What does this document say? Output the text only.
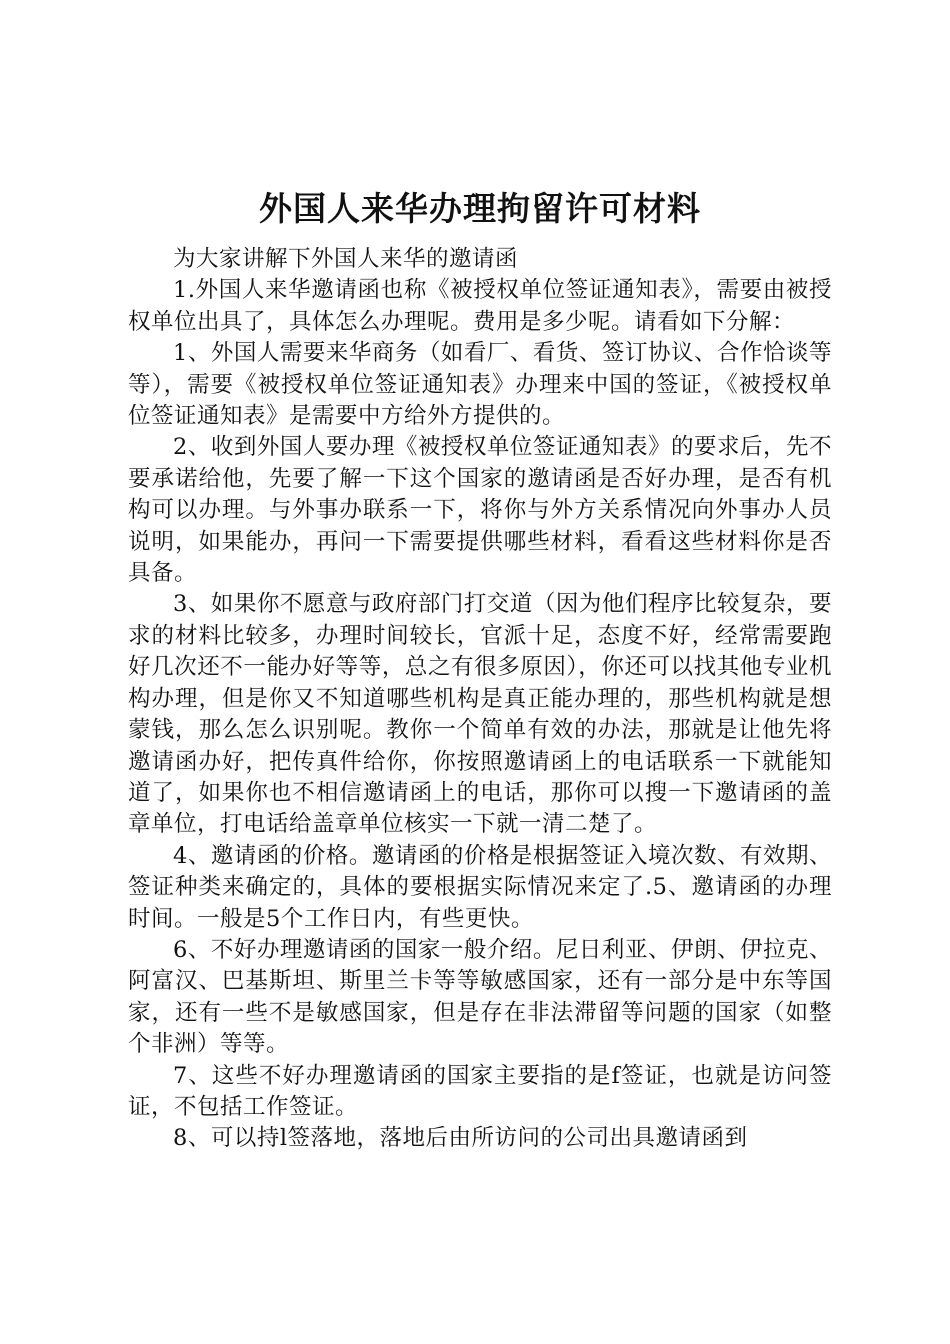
外国人来华办理拘留许可材料

为大家讲解下外国人来华的邀请函

1.外国人来华邀请函也称《被授权单位签证通知表》，需要由被授权单位出具了，具体怎么办理呢。费用是多少呢。请看如下分解：

1、外国人需要来华商务（如看厂、看货、签订协议、合作恰谈等等），需要《被授权单位签证通知表》办理来中国的签证，《被授权单位签证通知表》是需要中方给外方提供的。

2、收到外国人要办理《被授权单位签证通知表》的要求后，先不要承诺给他，先要了解一下这个国家的邀请函是否好办理，是否有机构可以办理。与外事办联系一下，将你与外方关系情况向外事办人员说明，如果能办，再问一下需要提供哪些材料，看看这些材料你是否具备。

3、如果你不愿意与政府部门打交道（因为他们程序比较复杂，要求的材料比较多，办理时间较长，官派十足，态度不好，经常需要跑好几次还不一能办好等等，总之有很多原因），你还可以找其他专业机构办理，但是你又不知道哪些机构是真正能办理的，那些机构就是想蒙钱，那么怎么识别呢。教你一个简单有效的办法，那就是让他先将邀请函办好，把传真件给你，你按照邀请函上的电话联系一下就能知道了，如果你也不相信邀请函上的电话，那你可以搜一下邀请函的盖章单位，打电话给盖章单位核实一下就一清二楚了。

4、邀请函的价格。邀请函的价格是根据签证入境次数、有效期、签证种类来确定的，具体的要根据实际情况来定了.5、邀请函的办理时间。一般是5个工作日内，有些更快。

6、不好办理邀请函的国家一般介绍。尼日利亚、伊朗、伊拉克、阿富汉、巴基斯坦、斯里兰卡等等敏感国家，还有一部分是中东等国家，还有一些不是敏感国家，但是存在非法滞留等问题的国家（如整个非洲）等等。

7、这些不好办理邀请函的国家主要指的是f签证，也就是访问签证，不包括工作签证。

8、可以持l签落地，落地后由所访问的公司出具邀请函到
